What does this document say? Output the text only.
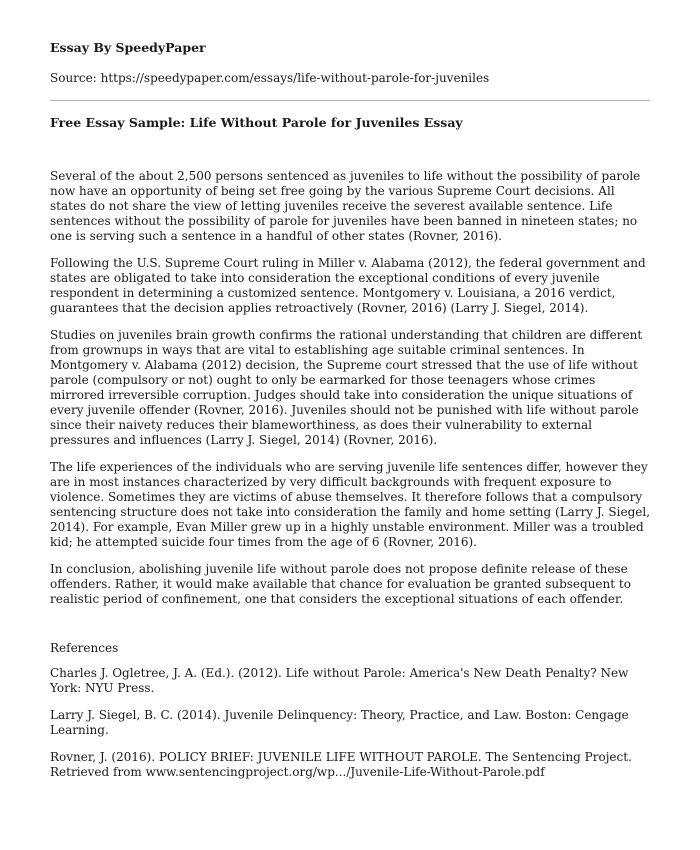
Essay By SpeedyPaper
Source: https://speedypaper.com/essays/life-without-parole-for-juveniles
Free Essay Sample: Life Without Parole for Juveniles Essay

Several of the about 2,500 persons sentenced as juveniles to life without the possibility of parole now have an opportunity of being set free going by the various Supreme Court decisions. All states do not share the view of letting juveniles receive the severest available sentence. Life sentences without the possibility of parole for juveniles have been banned in nineteen states; no one is serving such a sentence in a handful of other states (Rovner, 2016).

Following the U.S. Supreme Court ruling in Miller v. Alabama (2012), the federal government and states are obligated to take into consideration the exceptional conditions of every juvenile respondent in determining a customized sentence. Montgomery v. Louisiana, a 2016 verdict, guarantees that the decision applies retroactively (Rovner, 2016) (Larry J. Siegel, 2014).

Studies on juveniles brain growth confirms the rational understanding that children are different from grownups in ways that are vital to establishing age suitable criminal sentences. In Montgomery v. Alabama (2012) decision, the Supreme court stressed that the use of life without parole (compulsory or not) ought to only be earmarked for those teenagers whose crimes mirrored irreversible corruption. Judges should take into consideration the unique situations of every juvenile offender (Rovner, 2016). Juveniles should not be punished with life without parole since their naivety reduces their blameworthiness, as does their vulnerability to external pressures and influences (Larry J. Siegel, 2014) (Rovner, 2016).

The life experiences of the individuals who are serving juvenile life sentences differ, however they are in most instances characterized by very difficult backgrounds with frequent exposure to violence. Sometimes they are victims of abuse themselves. It therefore follows that a compulsory sentencing structure does not take into consideration the family and home setting (Larry J. Siegel, 2014). For example, Evan Miller grew up in a highly unstable environment. Miller was a troubled kid; he attempted suicide four times from the age of 6 (Rovner, 2016).

In conclusion, abolishing juvenile life without parole does not propose definite release of these offenders. Rather, it would make available that chance for evaluation be granted subsequent to realistic period of confinement, one that considers the exceptional situations of each offender.

References

Charles J. Ogletree, J. A. (Ed.). (2012). Life without Parole: America's New Death Penalty? New York: NYU Press.

Larry J. Siegel, B. C. (2014). Juvenile Delinquency: Theory, Practice, and Law. Boston: Cengage Learning.

Rovner, J. (2016). POLICY BRIEF: JUVENILE LIFE WITHOUT PAROLE. The Sentencing Project. Retrieved from www.sentencingproject.org/wp.../Juvenile-Life-Without-Parole.pdf
